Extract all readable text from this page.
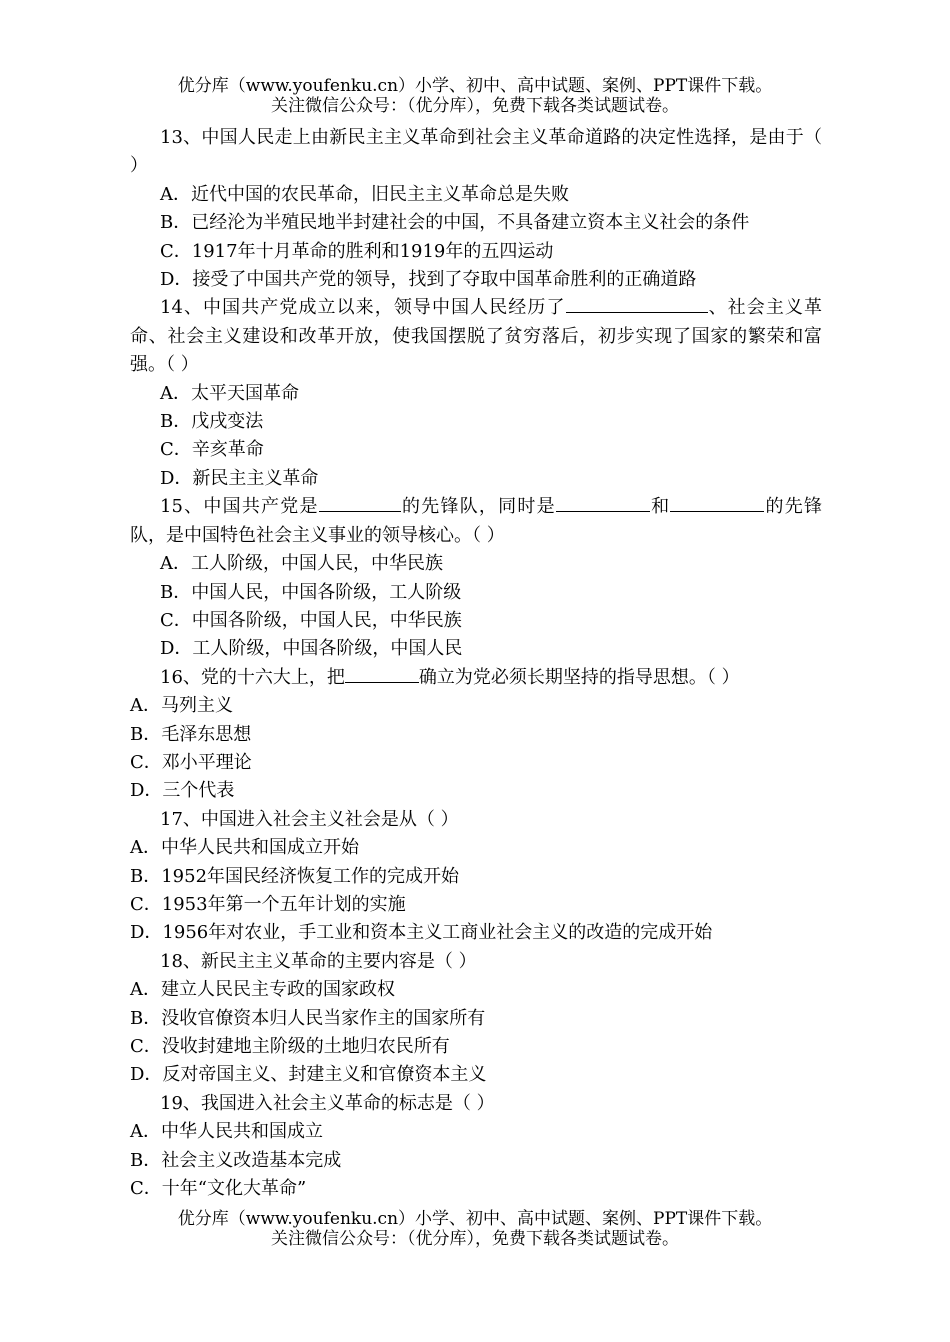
优分库（www.youfenku.cn）小学、初中、高中试题、案例、PPT课件下载。
关注微信公众号：（优分库），免费下载各类试题试卷。

13、中国人民走上由新民主主义革命到社会主义革命道路的决定性选择，是由于（ ）

A．近代中国的农民革命，旧民主主义革命总是失败

B．已经沦为半殖民地半封建社会的中国，不具备建立资本主义社会的条件

C．1917年十月革命的胜利和1919年的五四运动

D．接受了中国共产党的领导，找到了夺取中国革命胜利的正确道路

14、中国共产党成立以来，领导中国人民经历了	、社会主义革命、社会主义建设和改革开放，使我国摆脱了贫穷落后，初步实现了国家的繁荣和富强。（ ）

A．太平天国革命

B．戊戌变法

C．辛亥革命

D．新民主主义革命

15、中国共产党是	的先锋队，同时是	和	的先锋队，是中国特色社会主义事业的领导核心。（ ）

A．工人阶级，中国人民，中华民族

B．中国人民，中国各阶级，工人阶级

C．中国各阶级，中国人民，中华民族

D．工人阶级，中国各阶级，中国人民

16、党的十六大上，把	确立为党必须长期坚持的指导思想。（ ）

A．马列主义

B．毛泽东思想

C．邓小平理论

D．三个代表

17、中国进入社会主义社会是从（ ）

A．中华人民共和国成立开始

B．1952年国民经济恢复工作的完成开始

C．1953年第一个五年计划的实施

D．1956年对农业，手工业和资本主义工商业社会主义的改造的完成开始

18、新民主主义革命的主要内容是（ ）

A．建立人民民主专政的国家政权

B．没收官僚资本归人民当家作主的国家所有

C．没收封建地主阶级的土地归农民所有

D．反对帝国主义、封建主义和官僚资本主义

19、我国进入社会主义革命的标志是（ ）

A．中华人民共和国成立

B．社会主义改造基本完成

C．十年“文化大革命”

优分库（www.youfenku.cn）小学、初中、高中试题、案例、PPT课件下载。
关注微信公众号：（优分库），免费下载各类试题试卷。
